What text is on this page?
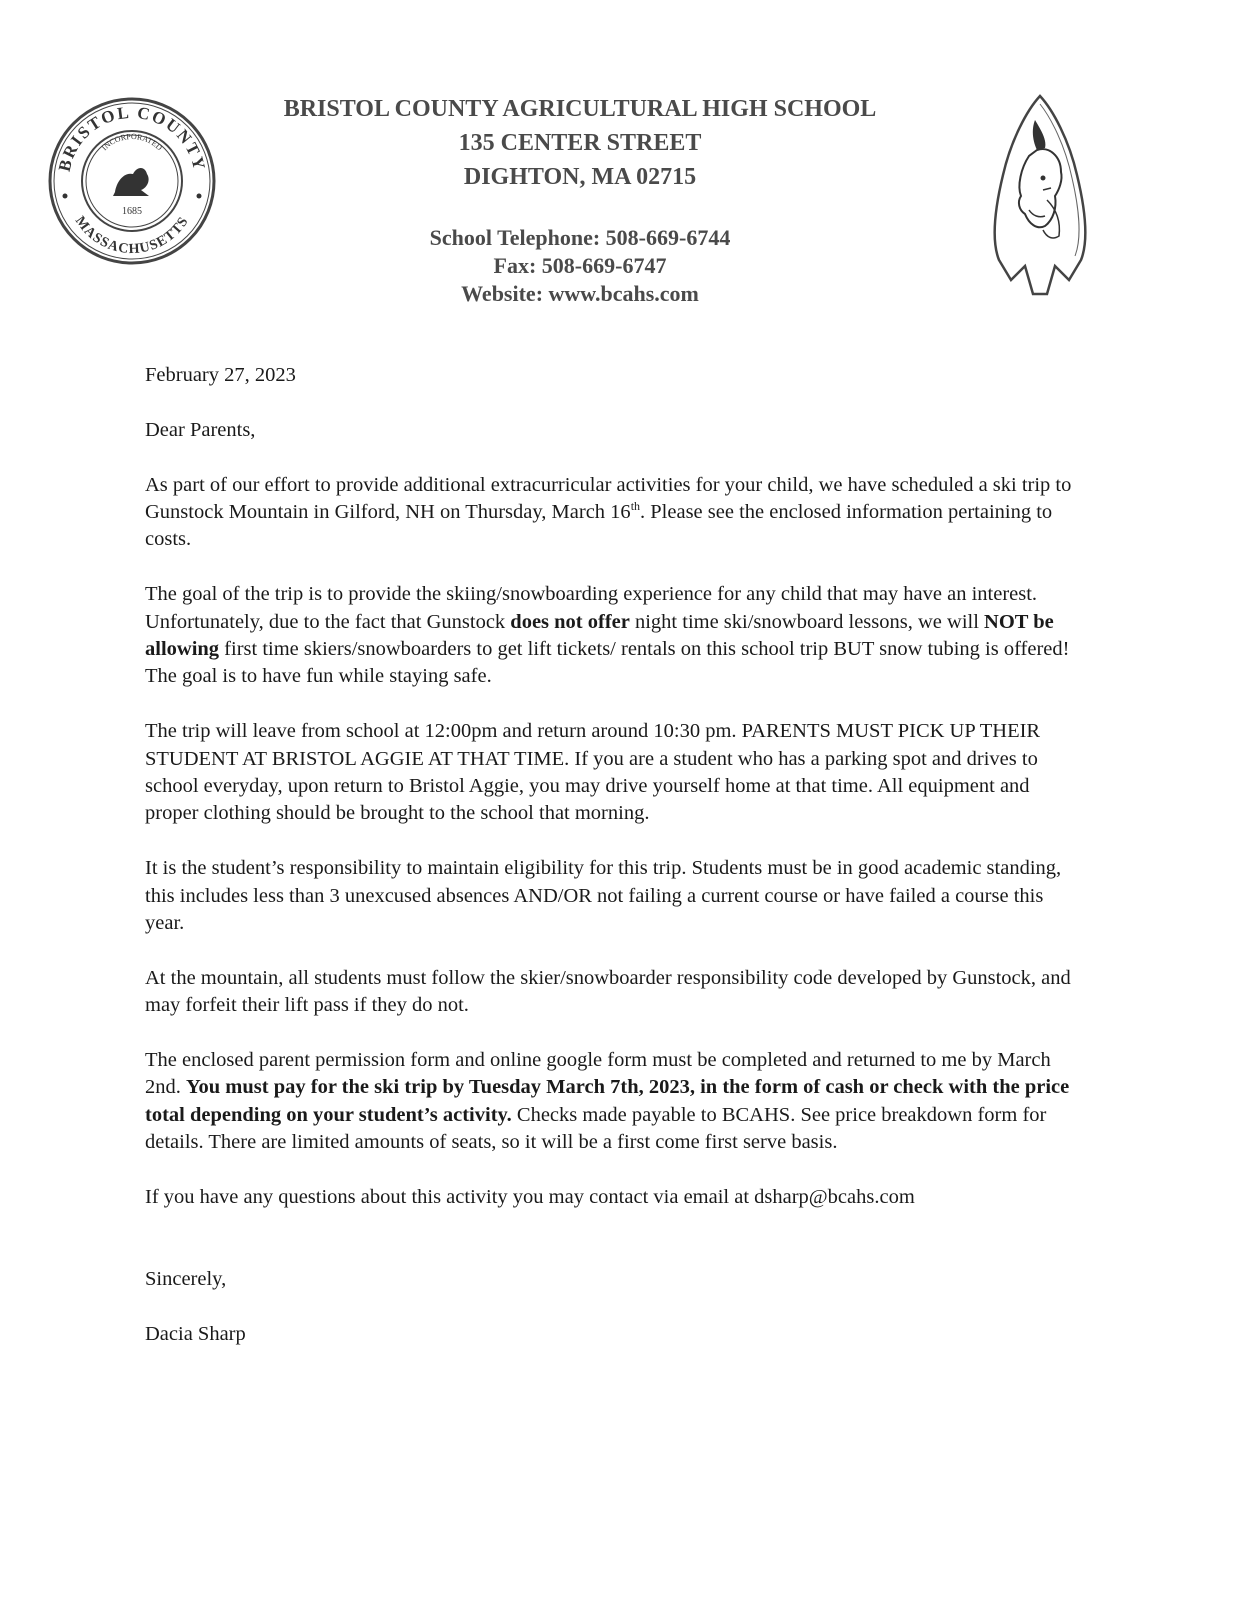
BRISTOL COUNTY
MASSACHUSETTS
INCORPORATED
1685
BRISTOL COUNTY AGRICULTURAL HIGH SCHOOL
135 CENTER STREET
DIGHTON, MA 02715
School Telephone: 508-669-6744
Fax: 508-669-6747
Website: www.bcahs.com

February 27, 2023

Dear Parents,

As part of our effort to provide additional extracurricular activities for your child, we have scheduled a ski trip to Gunstock Mountain in Gilford, NH on Thursday, March 16th. Please see the enclosed information pertaining to costs.

The goal of the trip is to provide the skiing/snowboarding experience for any child that may have an interest. Unfortunately, due to the fact that Gunstock does not offer night time ski/snowboard lessons, we will NOT be allowing first time skiers/snowboarders to get lift tickets/ rentals on this school trip BUT snow tubing is offered! The goal is to have fun while staying safe.

The trip will leave from school at 12:00pm and return around 10:30 pm. PARENTS MUST PICK UP THEIR STUDENT AT BRISTOL AGGIE AT THAT TIME. If you are a student who has a parking spot and drives to school everyday, upon return to Bristol Aggie, you may drive yourself home at that time. All equipment and proper clothing should be brought to the school that morning.

It is the student’s responsibility to maintain eligibility for this trip. Students must be in good academic standing, this includes less than 3 unexcused absences AND/OR not failing a current course or have failed a course this year.

At the mountain, all students must follow the skier/snowboarder responsibility code developed by Gunstock, and may forfeit their lift pass if they do not.

The enclosed parent permission form and online google form must be completed and returned to me by March 2nd. You must pay for the ski trip by Tuesday March 7th, 2023, in the form of cash or check with the price total depending on your student’s activity. Checks made payable to BCAHS. See price breakdown form for details. There are limited amounts of seats, so it will be a first come first serve basis.

If you have any questions about this activity you may contact via email at dsharp@bcahs.com

Sincerely,

Dacia Sharp
